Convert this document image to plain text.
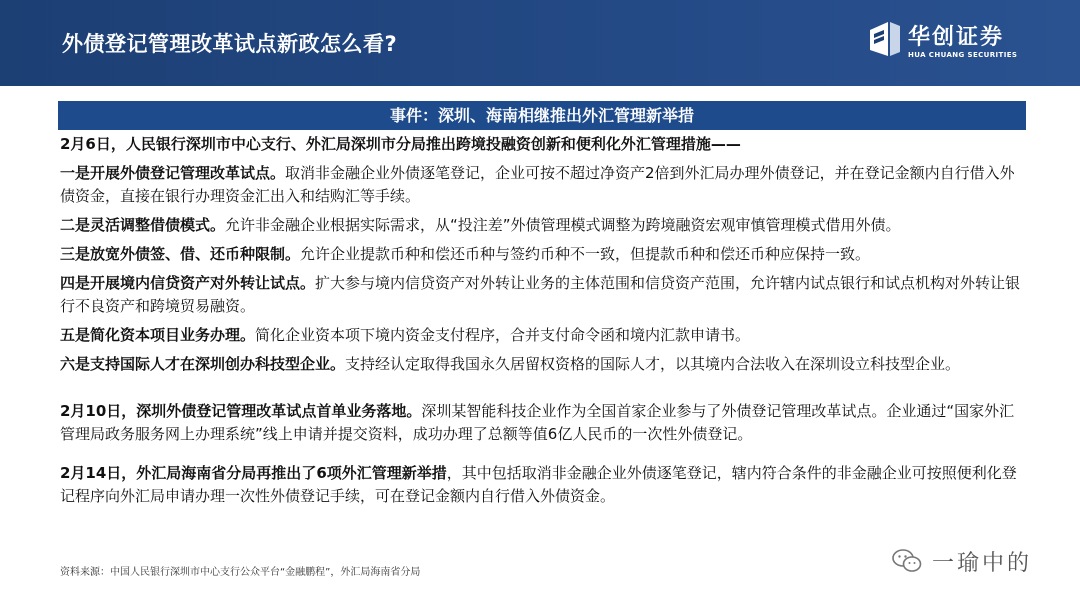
外债登记管理改革试点新政怎么看?	华创证券
HUA CHUANG SECURITIES
事件：深圳、海南相继推出外汇管理新举措

2月6日，人民银行深圳市中心支行、外汇局深圳市分局推出跨境投融资创新和便利化外汇管理措施——

一是开展外债登记管理改革试点。取消非金融企业外债逐笔登记，企业可按不超过净资产2倍到外汇局办理外债登记，并在登记金额内自行借入外债资金，直接在银行办理资金汇出入和结购汇等手续。

二是灵活调整借债模式。允许非金融企业根据实际需求，从“投注差”外债管理模式调整为跨境融资宏观审慎管理模式借用外债。

三是放宽外债签、借、还币种限制。允许企业提款币种和偿还币种与签约币种不一致，但提款币种和偿还币种应保持一致。

四是开展境内信贷资产对外转让试点。扩大参与境内信贷资产对外转让业务的主体范围和信贷资产范围，允许辖内试点银行和试点机构对外转让银行不良资产和跨境贸易融资。

五是简化资本项目业务办理。简化企业资本项下境内资金支付程序，合并支付命令函和境内汇款申请书。

六是支持国际人才在深圳创办科技型企业。支持经认定取得我国永久居留权资格的国际人才，以其境内合法收入在深圳设立科技型企业。

2月10日，深圳外债登记管理改革试点首单业务落地。深圳某智能科技企业作为全国首家企业参与了外债登记管理改革试点。企业通过“国家外汇管理局政务服务网上办理系统”线上申请并提交资料，成功办理了总额等值6亿人民币的一次性外债登记。

2月14日，外汇局海南省分局再推出了6项外汇管理新举措，其中包括取消非金融企业外债逐笔登记，辖内符合条件的非金融企业可按照便利化登记程序向外汇局申请办理一次性外债登记手续，可在登记金额内自行借入外债资金。

资料来源：中国人民银行深圳市中心支行公众平台“金融鹏程”，外汇局海南省分局	一瑜中的
